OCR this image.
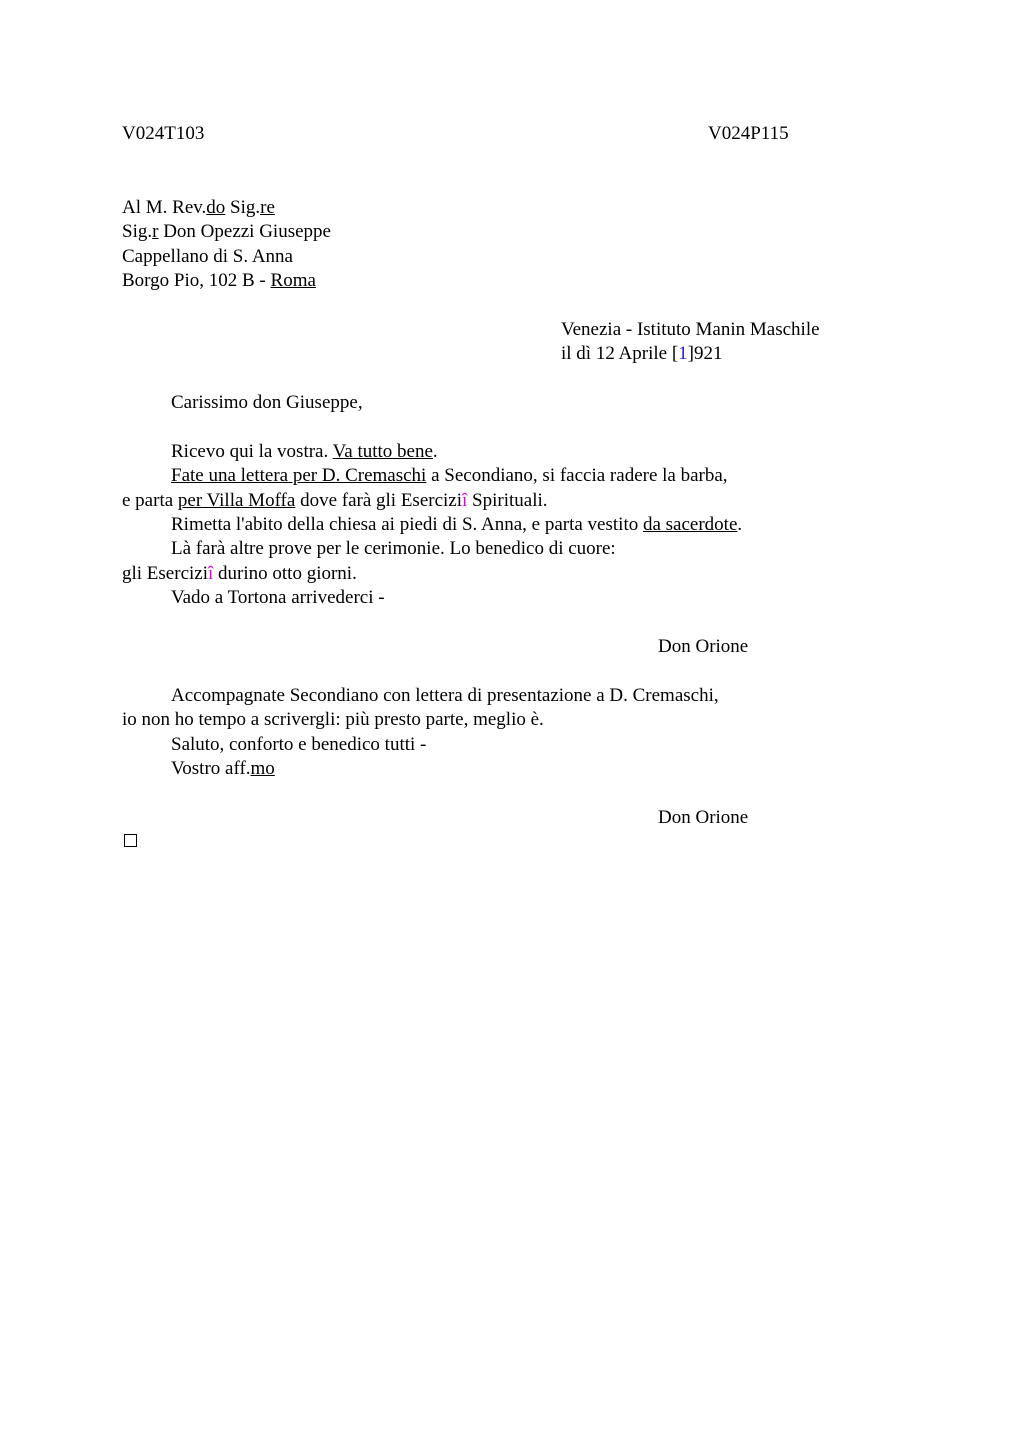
V024T103	V024P115
Al M. Rev.do Sig.re
Sig.r Don Opezzi Giuseppe
Cappellano di S. Anna
Borgo Pio, 102 B - Roma
Venezia - Istituto Manin Maschile
il dì 12 Aprile [1]921
Carissimo don Giuseppe,
Ricevo qui la vostra. Va tutto bene.
Fate una lettera per D. Cremaschi a Secondiano, si faccia radere la barba,
e parta per Villa Moffa dove farà gli Eserciziî Spirituali.
Rimetta l'abito della chiesa ai piedi di S. Anna, e parta vestito da sacerdote.
Là farà altre prove per le cerimonie. Lo benedico di cuore:
gli Eserciziî durino otto giorni.
Vado a Tortona arrivederci -
Don Orione
Accompagnate Secondiano con lettera di presentazione a D. Cremaschi,
io non ho tempo a scrivergli: più presto parte, meglio è.
Saluto, conforto e benedico tutti -
Vostro aff.mo
Don Orione
